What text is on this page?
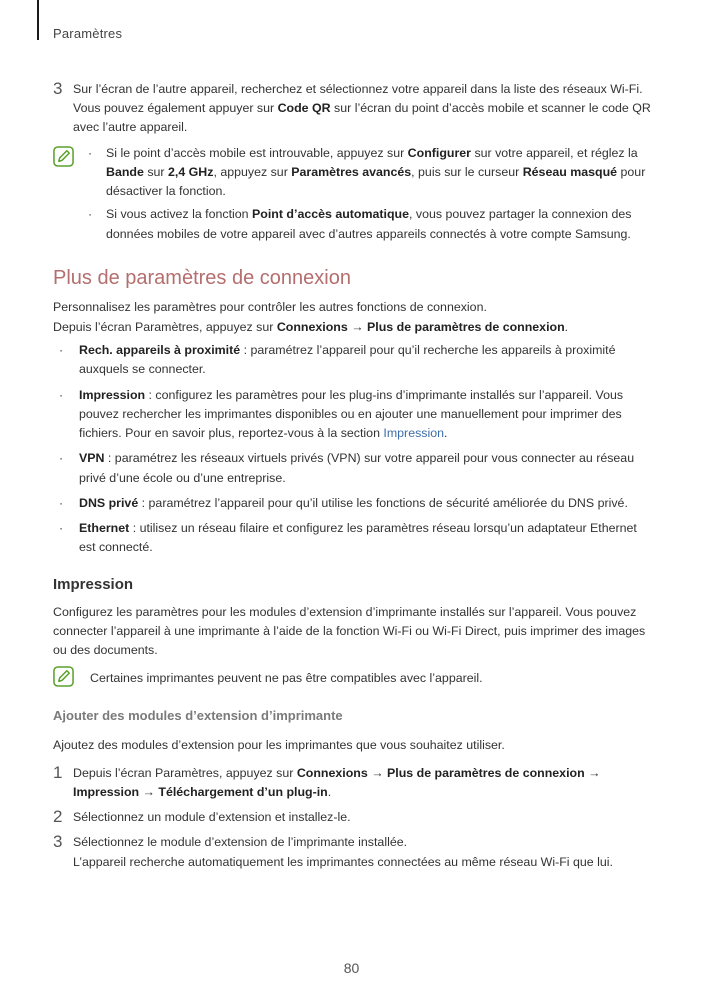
Paramètres
3 Sur l’écran de l’autre appareil, recherchez et sélectionnez votre appareil dans la liste des réseaux Wi-Fi. Vous pouvez également appuyer sur Code QR sur l’écran du point d’accès mobile et scanner le code QR avec l’autre appareil.

· Si le point d’accès mobile est introuvable, appuyez sur Configurer sur votre appareil, et réglez la Bande sur 2,4 GHz, appuyez sur Paramètres avancés, puis sur le curseur Réseau masqué pour désactiver la fonction.
· Si vous activez la fonction Point d’accès automatique, vous pouvez partager la connexion des données mobiles de votre appareil avec d’autres appareils connectés à votre compte Samsung.
Plus de paramètres de connexion

Personnalisez les paramètres pour contrôler les autres fonctions de connexion.

Depuis l’écran Paramètres, appuyez sur Connexions → Plus de paramètres de connexion.

· Rech. appareils à proximité : paramétrez l’appareil pour qu’il recherche les appareils à proximité auxquels se connecter.
· Impression : configurez les paramètres pour les plug-ins d’imprimante installés sur l’appareil. Vous pouvez rechercher les imprimantes disponibles ou en ajouter une manuellement pour imprimer des fichiers. Pour en savoir plus, reportez-vous à la section Impression.
· VPN : paramétrez les réseaux virtuels privés (VPN) sur votre appareil pour vous connecter au réseau privé d’une école ou d’une entreprise.
· DNS privé : paramétrez l’appareil pour qu’il utilise les fonctions de sécurité améliorée du DNS privé.
· Ethernet : utilisez un réseau filaire et configurez les paramètres réseau lorsqu’un adaptateur Ethernet est connecté.
Impression

Configurez les paramètres pour les modules d’extension d’imprimante installés sur l’appareil. Vous pouvez connecter l’appareil à une imprimante à l’aide de la fonction Wi-Fi ou Wi-Fi Direct, puis imprimer des images ou des documents.

Certaines imprimantes peuvent ne pas être compatibles avec l’appareil.

Ajouter des modules d’extension d’imprimante

Ajoutez des modules d’extension pour les imprimantes que vous souhaitez utiliser.

1 Depuis l’écran Paramètres, appuyez sur Connexions → Plus de paramètres de connexion → Impression → Téléchargement d’un plug-in.

2 Sélectionnez un module d’extension et installez-le.

3 Sélectionnez le module d’extension de l’imprimante installée.

L’appareil recherche automatiquement les imprimantes connectées au même réseau Wi-Fi que lui.

80
